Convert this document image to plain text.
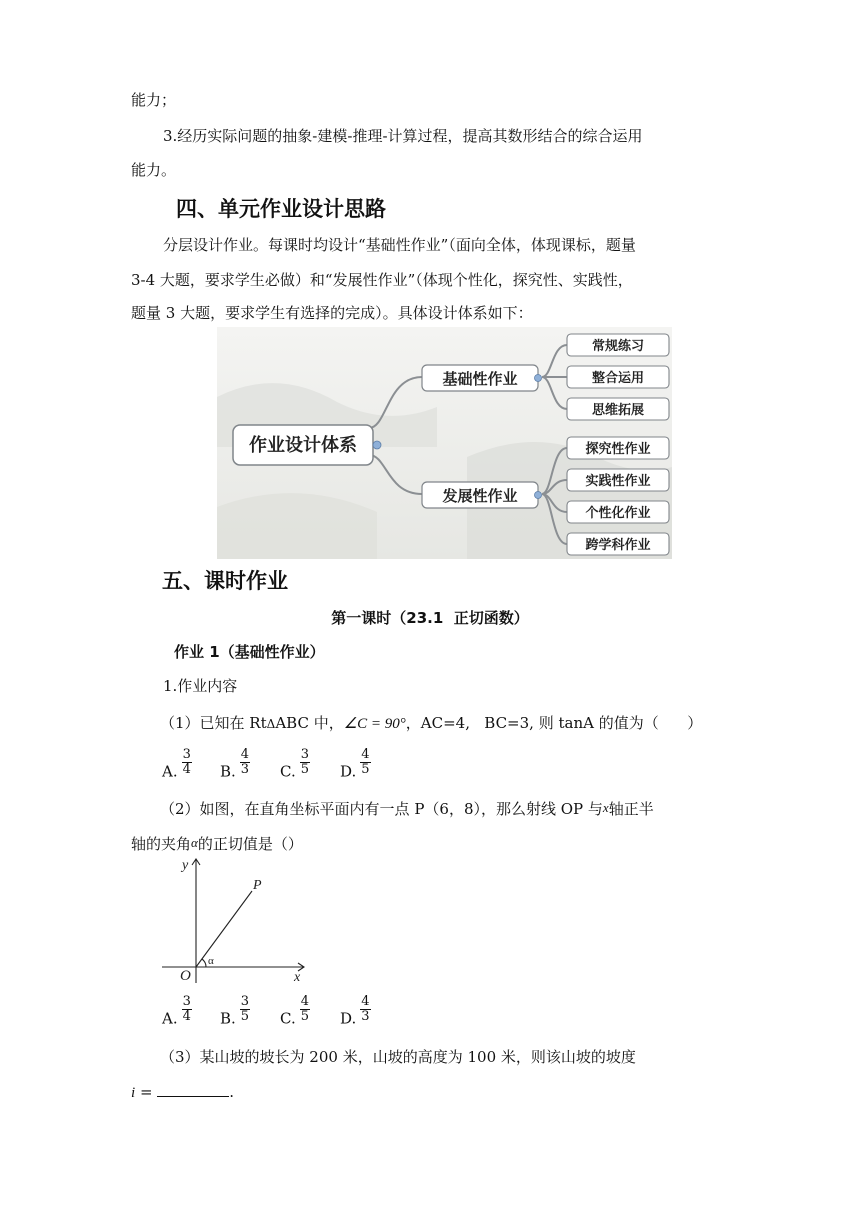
能力；
3.经历实际问题的抽象-建模-推理-计算过程，提高其数形结合的综合运用
能力。
四、单元作业设计思路
分层设计作业。每课时均设计“基础性作业”（面向全体，体现课标，题量
3-4 大题，要求学生必做）和“发展性作业”（体现个性化，探究性、实践性，
题量 3 大题，要求学生有选择的完成）。具体设计体系如下：
作业设计体系
基础性作业
常规练习
整合运用
思维拓展
发展性作业
探究性作业
实践性作业
个性化作业
跨学科作业
五、课时作业
第一课时（23.1  正切函数）
作业 1（基础性作业）
1.作业内容
（1）已知在 RtΔABC 中，∠C = 90°，AC=4,   BC=3, 则 tanA 的值为（      ）
A. $\frac{3}{4} B$. $\frac{4}{3} C$. $\frac{3}{5} D$. $\frac{4}{5}$
（2）如图，在直角坐标平面内有一点 P（6，8），那么射线 OP 与x轴正半
轴的夹角α的正切值是（）
y
x
O
P
α
A. $\frac{3}{4} B$. $\frac{3}{5} C$. $\frac{4}{5} D$. $\frac{4}{3}$
（3）某山坡的坡长为 200 米，山坡的高度为 100 米，则该山坡的坡度
i =	.
